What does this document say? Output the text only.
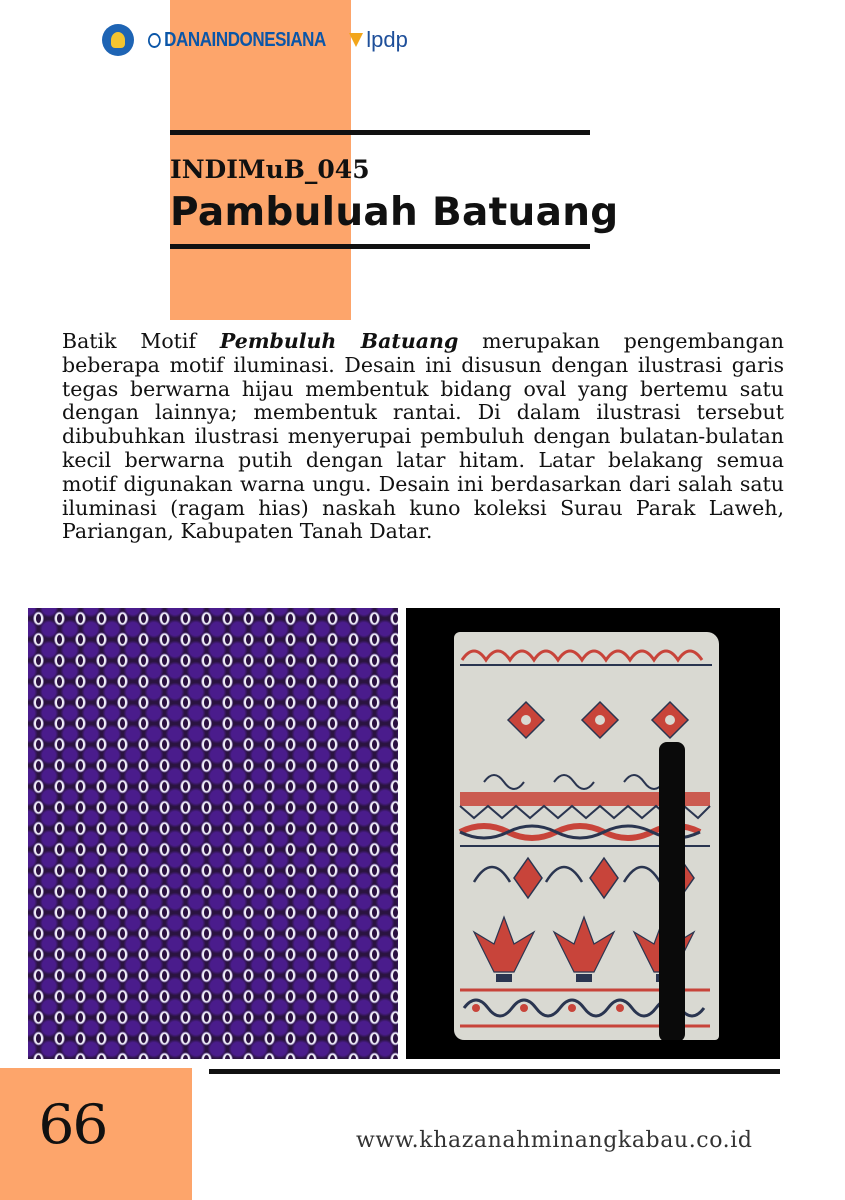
DANAINDONESIANA lpdp
INDIMuB_045
Pambuluah Batuang

Batik Motif Pembuluh Batuang merupakan pengembangan beberapa motif iluminasi. Desain ini disusun dengan ilustrasi garis tegas berwarna hijau membentuk bidang oval yang bertemu satu dengan lainnya; membentuk rantai. Di dalam ilustrasi tersebut dibubuhkan ilustrasi menyerupai pembuluh dengan bulatan-bulatan kecil berwarna putih dengan latar hitam. Latar belakang semua motif digunakan warna ungu. Desain ini berdasarkan dari salah satu iluminasi (ragam hias) naskah kuno koleksi Surau Parak Laweh, Pariangan, Kabupaten Tanah Datar.

66	www.khazanahminangkabau.co.id
